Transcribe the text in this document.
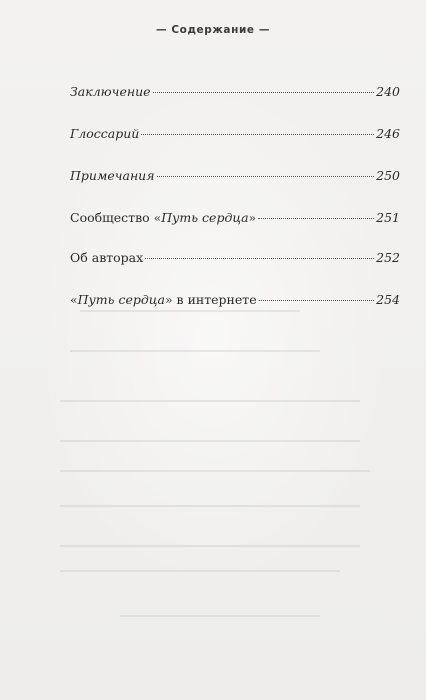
— Содержание —
Заключение	240
Глоссарий	246
Примечания	250
Сообщество «Путь сердца»	251
Об авторах	252
«Путь сердца» в интернете	254
